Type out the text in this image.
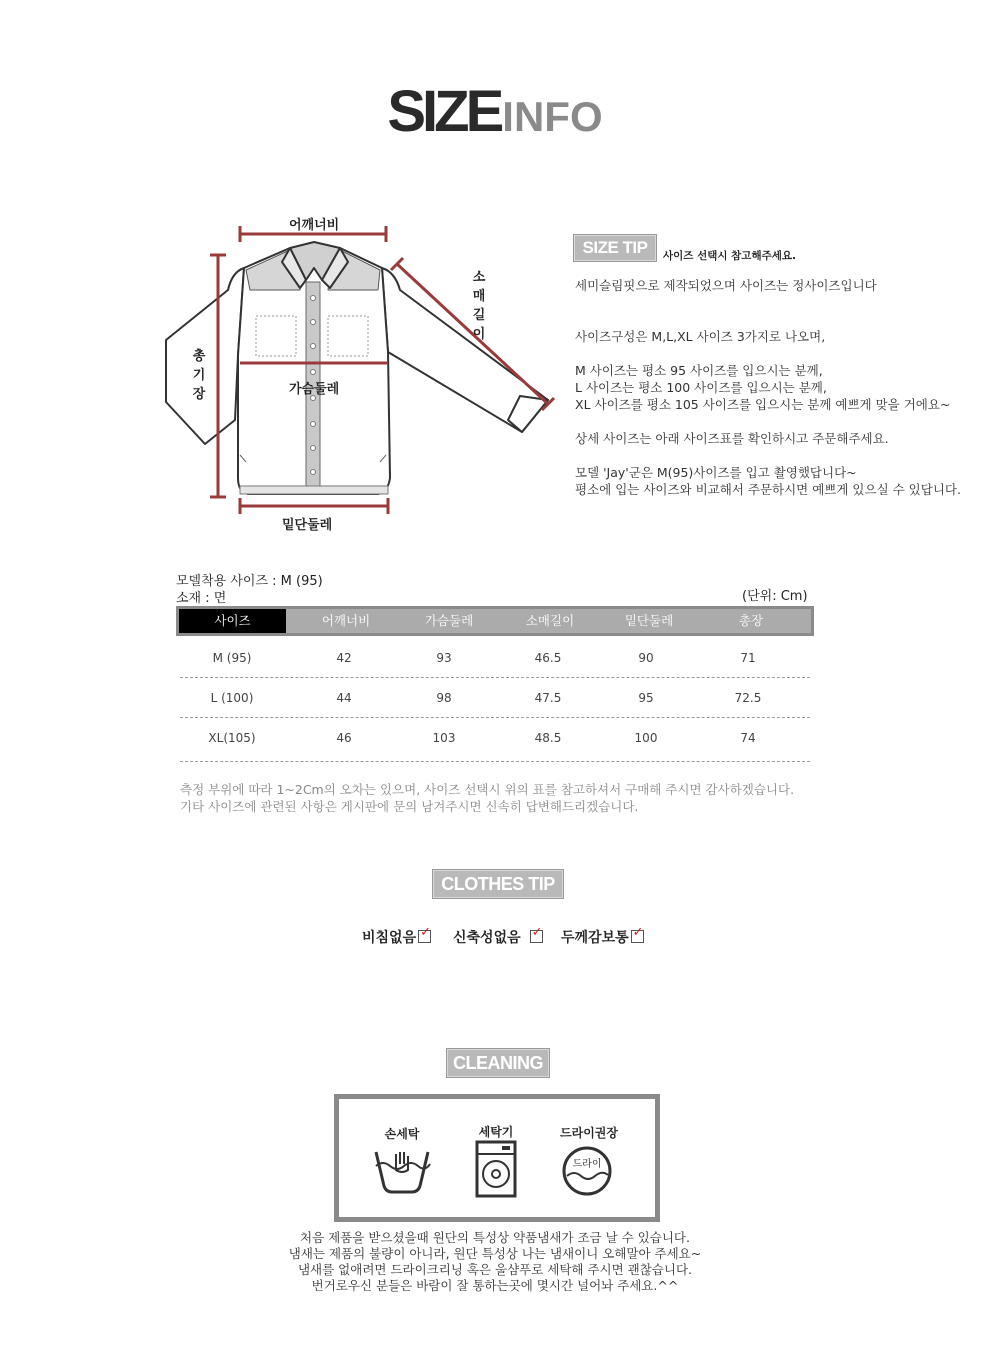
SIZEINFO
어깨너비
가슴둘레
밑단둘레
소
매
길
이
총
기
장
SIZE TIP	사이즈 선택시 참고해주세요.
세미슬림핏으로 제작되었으며 사이즈는 정사이즈입니다
사이즈구성은 M,L,XL 사이즈 3가지로 나오며,
M 사이즈는 평소 95 사이즈를 입으시는 분께,
L 사이즈는 평소 100 사이즈를 입으시는 분께,
XL 사이즈를 평소 105 사이즈를 입으시는 분께 예쁘게 맞을 거에요~
상세 사이즈는 아래 사이즈표를 확인하시고 주문해주세요.
모델 'Jay'군은 M(95)사이즈를 입고 촬영했답니다~
평소에 입는 사이즈와 비교해서 주문하시면 예쁘게 있으실 수 있답니다.
모델착용 사이즈 : M (95)
소재 : 면	(단위: Cm)
사이즈	어깨너비	가슴둘레	소매길이	밑단둘레	총장
M (95)	42	93	46.5	90	71
L (100)	44	98	47.5	95	72.5
XL(105)	46	103	48.5	100	74
측정 부위에 따라 1~2Cm의 오차는 있으며, 사이즈 선택시 위의 표를 참고하셔서 구매해 주시면 감사하겠습니다.
기타 사이즈에 관련된 사항은 게시판에 문의 남겨주시면 신속히 답변해드리겠습니다.
CLOTHES TIP
비침없음 ✓ 신축성없음 ✓ 두께감보통 ✓
CLEANING
손세탁	세탁기	드라이권장
드라이
처음 제품을 받으셨을때 원단의 특성상 약품냄새가 조금 날 수 있습니다.
냄새는 제품의 불량이 아니라, 원단 특성상 나는 냄새이니 오해말아 주세요~
냄새를 없애려면 드라이크리닝 혹은 울샴푸로 세탁해 주시면 괜찮습니다.
번거로우신 분들은 바람이 잘 통하는곳에 몇시간 널어놔 주세요.^^
